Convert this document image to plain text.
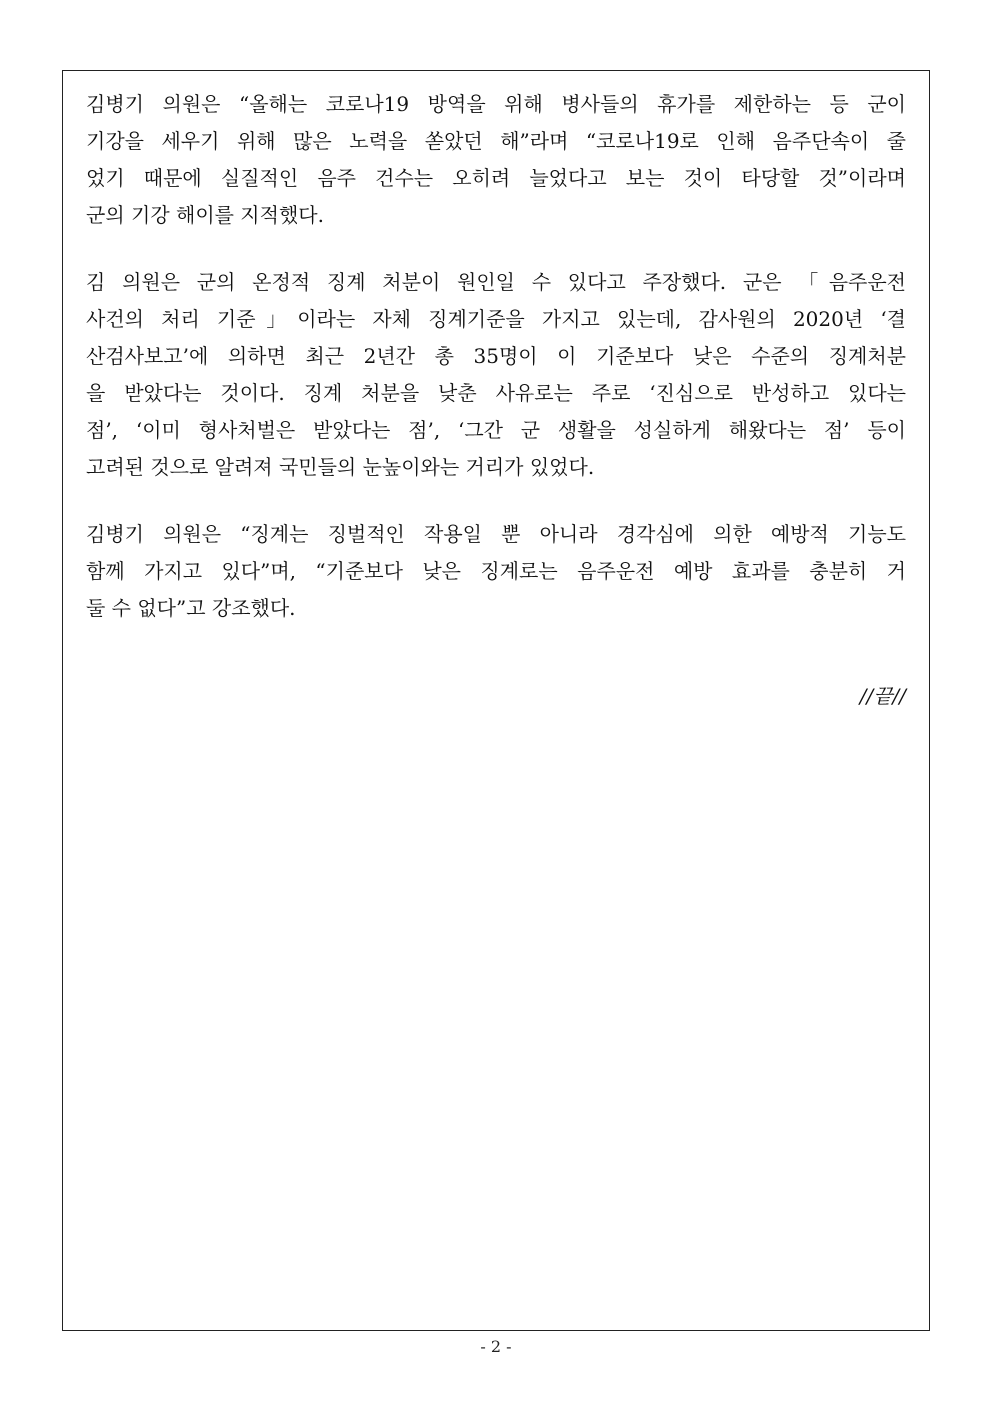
김병기 의원은 “올해는 코로나19 방역을 위해 병사들의 휴가를 제한하는 등 군이
기강을 세우기 위해 많은 노력을 쏟았던 해”라며 “코로나19로 인해 음주단속이 줄
었기 때문에 실질적인 음주 건수는 오히려 늘었다고 보는 것이 타당할 것”이라며
군의 기강 해이를 지적했다.
김 의원은 군의 온정적 징계 처분이 원인일 수 있다고 주장했다. 군은 「음주운전
사건의 처리 기준」이라는 자체 징계기준을 가지고 있는데, 감사원의 2020년 ‘결
산검사보고’에 의하면 최근 2년간 총 35명이 이 기준보다 낮은 수준의 징계처분
을 받았다는 것이다. 징계 처분을 낮춘 사유로는 주로 ‘진심으로 반성하고 있다는
점’, ‘이미 형사처벌은 받았다는 점’, ‘그간 군 생활을 성실하게 해왔다는 점’ 등이
고려된 것으로 알려져 국민들의 눈높이와는 거리가 있었다.
김병기 의원은 “징계는 징벌적인 작용일 뿐 아니라 경각심에 의한 예방적 기능도
함께 가지고 있다”며, “기준보다 낮은 징계로는 음주운전 예방 효과를 충분히 거
둘 수 없다”고 강조했다.
//끝//
- 2 -
